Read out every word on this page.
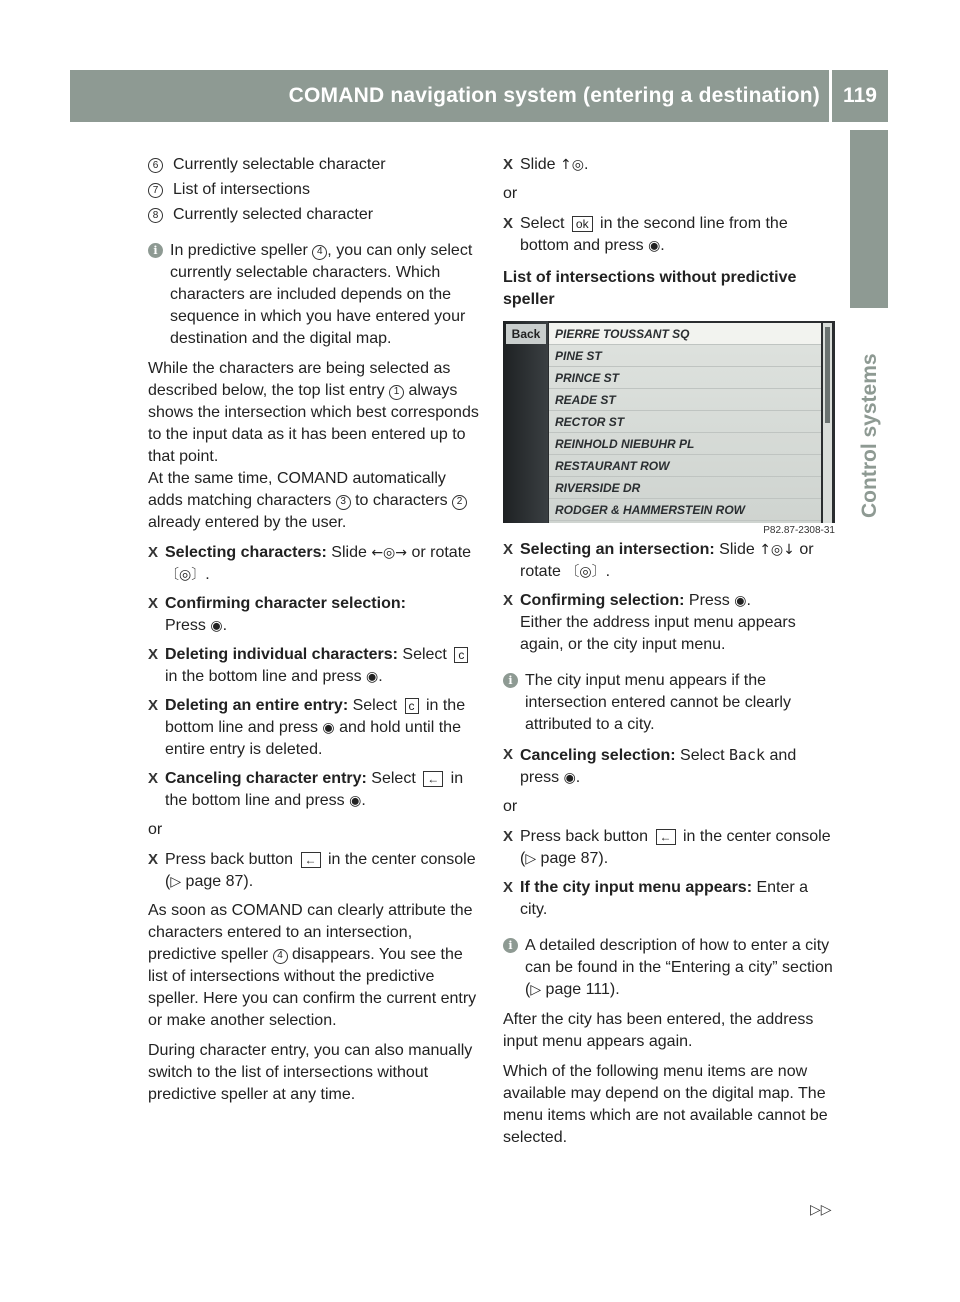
COMAND navigation system (entering a destination)	119
Control systems
6 Currently selectable character
7 List of intersections
8 Currently selected character
i In predictive speller 4 , you can only select currently selectable characters. Which characters are included depends on the sequence in which you have entered your destination and the digital map.

While the characters are being selected as described below, the top list entry 1 always shows the intersection which best corresponds to the input data as it has been entered up to that point.
At the same time, COMAND automatically adds matching characters 3 to characters 2 already entered by the user.

X Selecting characters: Slide ←◎→ or rotate 〔◎〕.
X Confirming character selection:
Press ◉.
X Deleting individual characters: Select c in the bottom line and press ◉.
X Deleting an entire entry: Select c in the bottom line and press ◉ and hold until the entire entry is deleted.
X Canceling character entry: Select ← in the bottom line and press ◉.

or

X Press back button ← in the center console (▷ page 87).

As soon as COMAND can clearly attribute the characters entered to an intersection, predictive speller 4 disappears. You see the list of intersections without the predictive speller. Here you can confirm the current entry or make another selection.

During character entry, you can also manually switch to the list of intersections without predictive speller at any time.

X Slide ↑◎.

or

X Select ok in the second line from the bottom and press ◉.
List of intersections without predictive speller
Back	PIERRE TOUSSANT SQ
PINE ST
PRINCE ST
READE ST
RECTOR ST
REINHOLD NIEBUHR PL
RESTAURANT ROW
RIVERSIDE DR
RODGER & HAMMERSTEIN ROW
P82.87-2308-31
X Selecting an intersection: Slide ↑◎↓ or rotate 〔◎〕.
X Confirming selection: Press ◉.
Either the address input menu appears again, or the city input menu.
i The city input menu appears if the intersection entered cannot be clearly attributed to a city.
X Canceling selection: Select Back and press ◉.

or

X Press back button ← in the center console (▷ page 87).
X If the city input menu appears: Enter a city.
i A detailed description of how to enter a city can be found in the “Entering a city” section (▷ page 111).

After the city has been entered, the address input menu appears again.

Which of the following menu items are now available may depend on the digital map. The menu items which are not available cannot be selected.

▷▷
